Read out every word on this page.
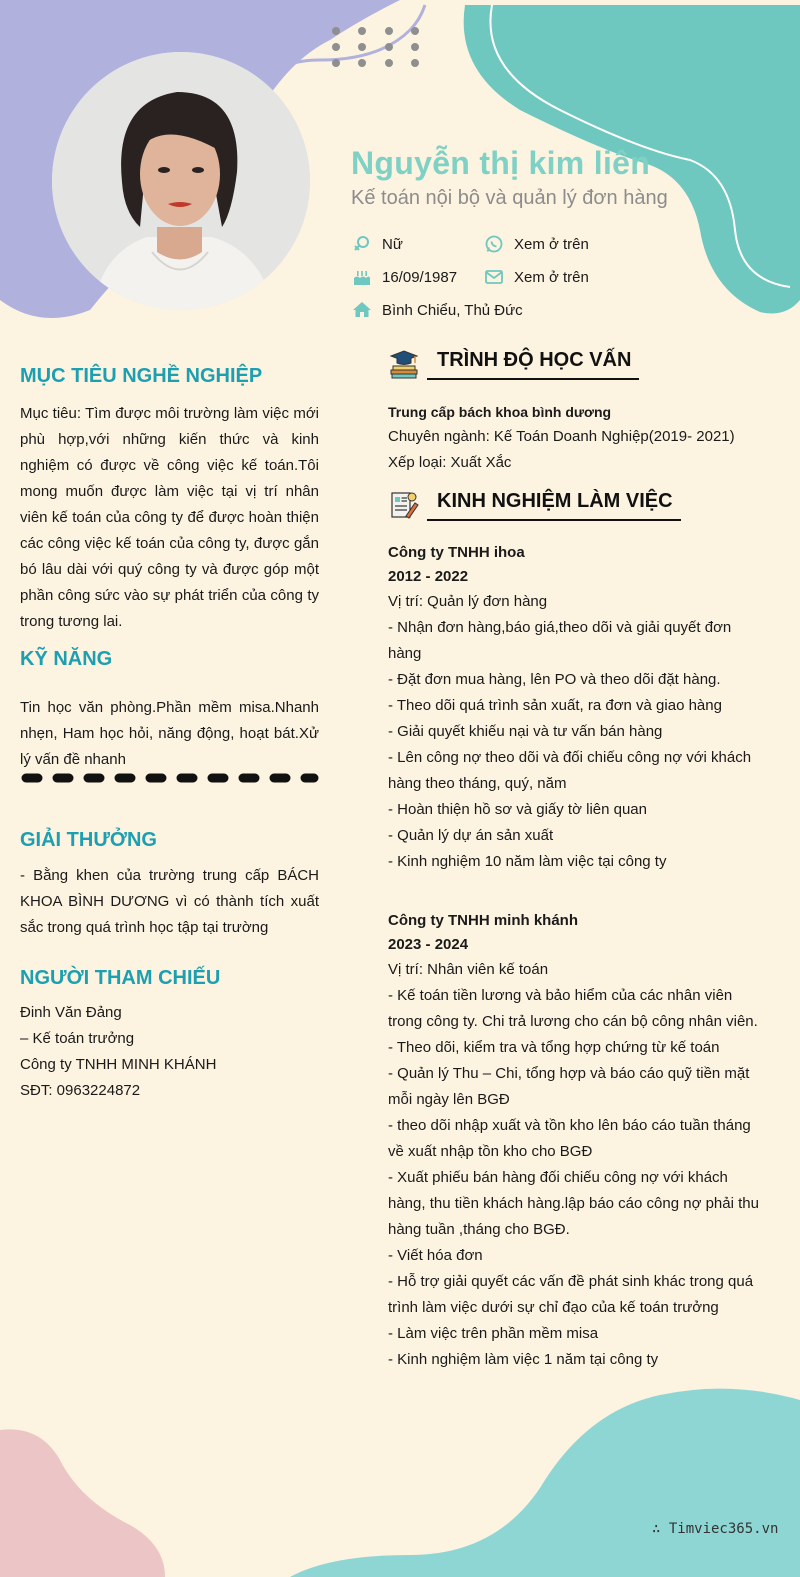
Nguyễn thị kim liên
Kế toán nội bộ và quản lý đơn hàng
Nữ	Xem ở trên
16/09/1987	Xem ở trên
Bình Chiểu, Thủ Đức
MỤC TIÊU NGHỀ NGHIỆP
Mục tiêu: Tìm được môi trường làm việc mới phù hợp,với những kiến thức và kinh nghiệm có được về công việc kế toán.Tôi mong muốn được làm việc tại vị trí nhân viên kế toán của công ty để được hoàn thiện các công việc kế toán của công ty, được gắn bó lâu dài với quý công ty và được góp một phần công sức vào sự phát triển của công ty trong tương lai.
KỸ NĂNG
Tin học văn phòng.Phần mềm misa.Nhanh nhẹn, Ham học hỏi, năng động, hoạt bát.Xử lý vấn đề nhanh
GIẢI THƯỞNG
- Bằng khen của trường trung cấp BÁCH KHOA BÌNH DƯƠNG vì có thành tích xuất sắc trong quá trình học tập tại trường
NGƯỜI THAM CHIẾU
Đinh Văn Đảng
– Kế toán trưởng
Công ty TNHH MINH KHÁNH
SĐT: 0963224872
TRÌNH ĐỘ HỌC VẤN
Trung cấp bách khoa bình dương
Chuyên ngành: Kế Toán Doanh Nghiệp(2019- 2021)
Xếp loại: Xuất Xắc
KINH NGHIỆM LÀM VIỆC
Công ty TNHH ihoa
2012 - 2022
Vị trí: Quản lý đơn hàng
- Nhận đơn hàng,báo giá,theo dõi và giải quyết đơn hàng
- Đặt đơn mua hàng, lên PO và theo dõi đặt hàng.
- Theo dõi quá trình sản xuất, ra đơn và giao hàng
- Giải quyết khiếu nại và tư vấn bán hàng
- Lên công nợ theo dõi và đối chiếu công nợ với khách hàng theo tháng, quý, năm
- Hoàn thiện hồ sơ và giấy tờ liên quan
- Quản lý dự án sản xuất
- Kinh nghiệm 10 năm làm việc tại công ty
Công ty TNHH minh khánh
2023 - 2024
Vị trí: Nhân viên kế toán
- Kế toán tiền lương và bảo hiểm của các nhân viên trong công ty. Chi trả lương cho cán bộ công nhân viên.
- Theo dõi, kiểm tra và tổng hợp chứng từ kế toán
- Quản lý Thu – Chi, tổng hợp và báo cáo quỹ tiền mặt mỗi ngày lên BGĐ
- theo dõi nhập xuất và tồn kho lên báo cáo tuần tháng về xuất nhập tồn kho cho BGĐ
- Xuất phiếu bán hàng đối chiếu công nợ với khách hàng, thu tiền khách hàng.lập báo cáo công nợ phải thu hàng tuần ,tháng cho BGĐ.
- Viết hóa đơn
- Hỗ trợ giải quyết các vấn đề phát sinh khác trong quá trình làm việc dưới sự chỉ đạo của kế toán trưởng
- Làm việc trên phần mềm misa
- Kinh nghiệm làm việc 1 năm tại công ty
∴ Timviec365.vn
